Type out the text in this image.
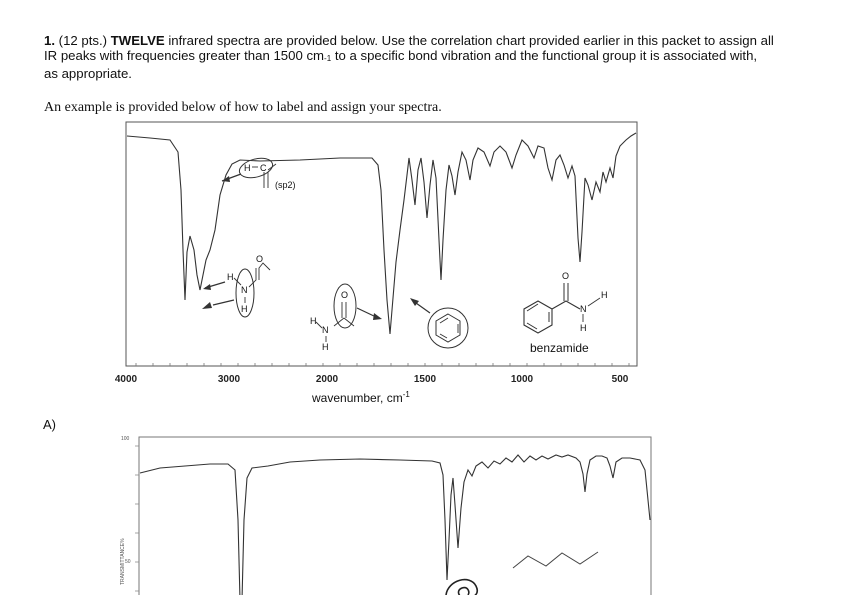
1. (12 pts.) TWELVE infrared spectra are provided below. Use the correlation chart provided earlier in this packet to assign all IR peaks with frequencies greater than 1500 $cm_{-1}$ to a specific bond vibration and the functional group it is associated with, as appropriate.
An example is provided below of how to label and assign your spectra.
A)
4000	3000	2000	1500	1000	500
wavenumber, $cm^{-1}$
H C
(sp2)
H
N
H
O
O
H
N
H
O
N
H
H
benzamide
100
50
TRANSMITTANCE%
